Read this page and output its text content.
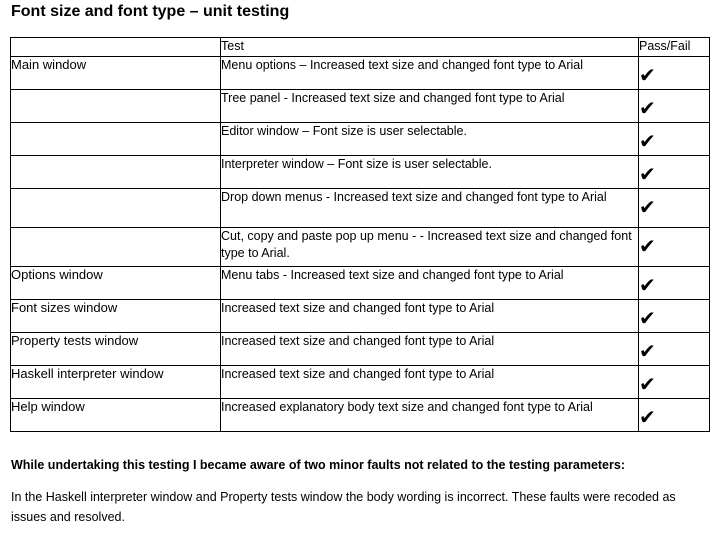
Font size and font type – unit testing
	Test	Pass/Fail
Main window	Menu options – Increased text size and changed font type to Arial	✔

	Tree panel - Increased text size and changed font type to Arial	✔

	Editor window – Font size is user selectable.	✔

	Interpreter window – Font size is user selectable.	✔

	Drop down menus - Increased text size and changed font type to Arial	✔

	Cut, copy and paste pop up menu - - Increased text size and changed font type to Arial.	✔

Options window	Menu tabs - Increased text size and changed font type to Arial	✔

Font sizes window	Increased text size and changed font type to Arial	✔

Property tests window	Increased text size and changed font type to Arial	✔

Haskell interpreter window	Increased text size and changed font type to Arial	✔

Help window	Increased explanatory body text size and changed font type to Arial	✔
While undertaking this testing I became aware of two minor faults not related to the testing parameters:
In the Haskell interpreter window and Property tests window the body wording is incorrect. These faults were recoded as issues and resolved.
